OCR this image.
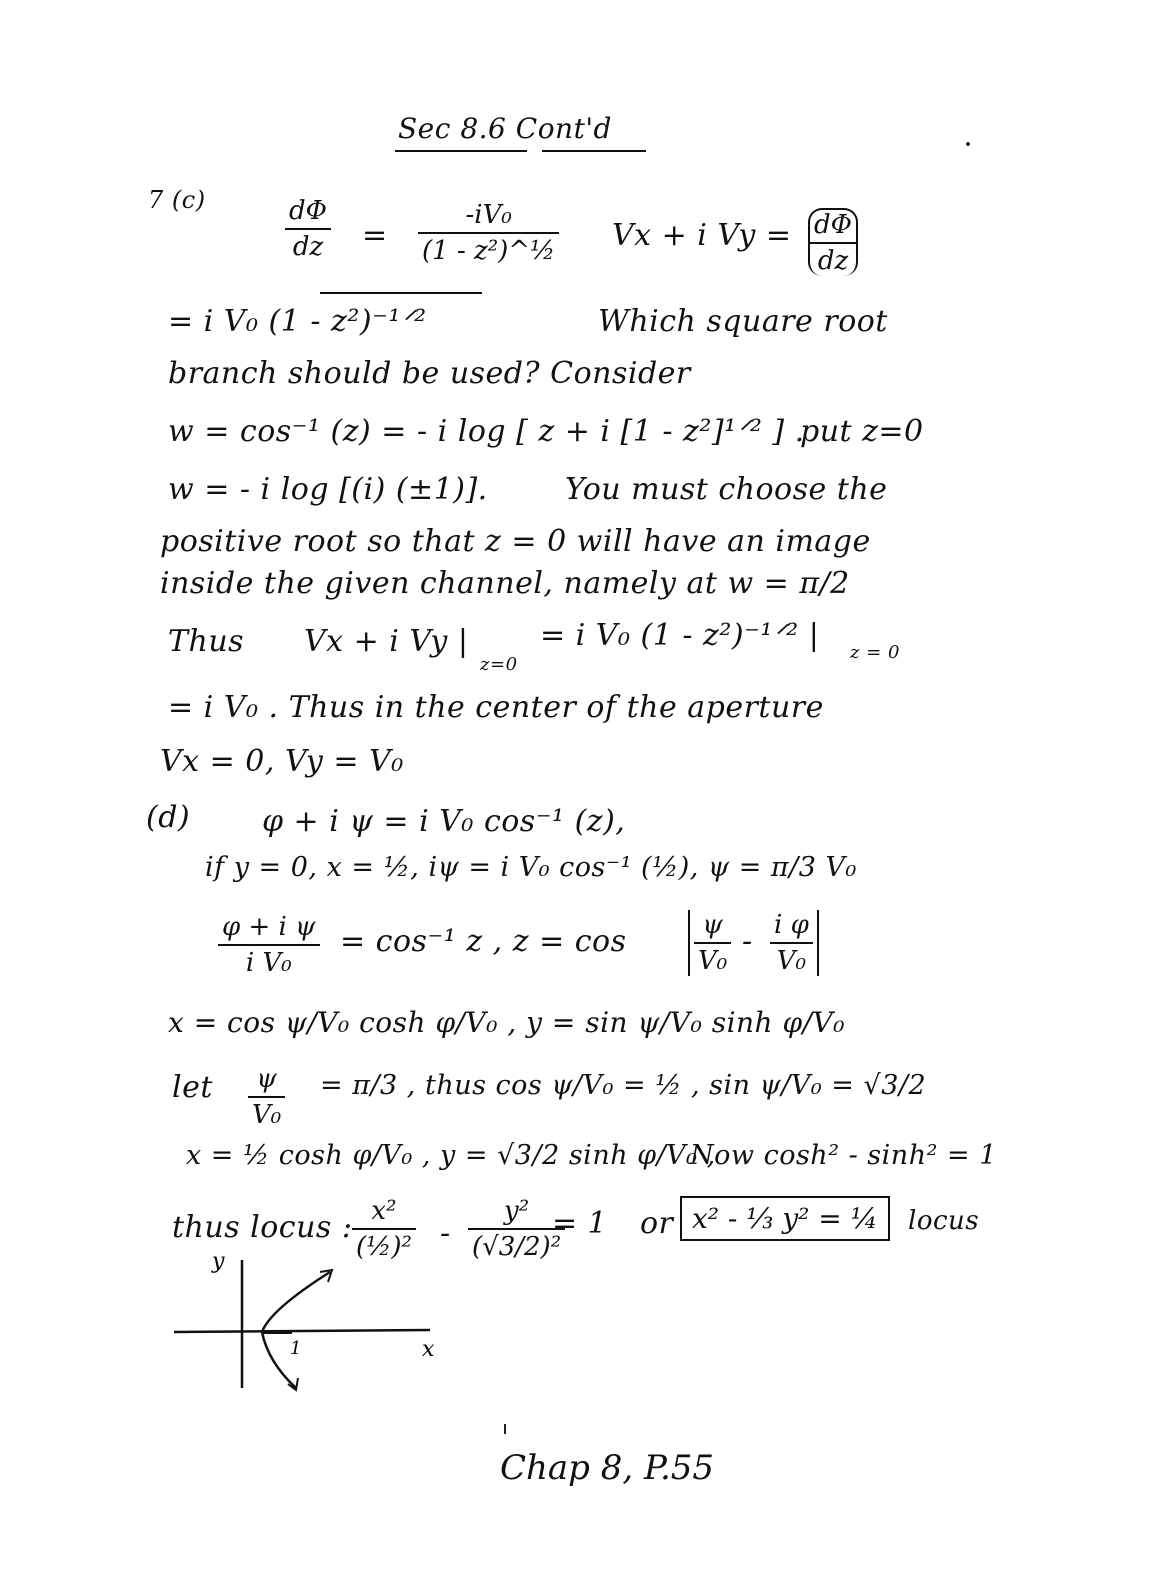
Sec 8.6 Cont'd
7 (c)	dΦ
dz =
-iV₀
(1 - z²)^½ Vx + i Vy = dΦ
dz
= i V₀ (1 - z²)⁻¹ᐟ²	Which square root
branch should be used? Consider
w = cos⁻¹ (z) = - i log [ z + i [1 - z²]¹ᐟ² ] .
put z=0
w = - i log [(i) (±1)].	You must choose the
positive root so that z = 0 will have an image
inside the given channel, namely at w = π/2
Thus Vx + i Vy |
z=0
= i V₀ (1 - z²)⁻¹ᐟ² | z = 0
= i V₀ . Thus in the center of the aperture
Vx = 0, Vy = V₀
(d) φ + i ψ = i V₀ cos⁻¹ (z),
if y = 0, x = ½, iψ = i V₀ cos⁻¹ (½), ψ = π/3 V₀
φ + i ψ
i V₀
= cos⁻¹ z , z = cos	ψ
V₀
- i φ
V₀
x = cos ψ/V₀ cosh φ/V₀ , y = sin ψ/V₀ sinh φ/V₀
let	ψ
V₀
= π/3 , thus cos ψ/V₀ = ½ , sin ψ/V₀ = √3/2
x = ½ cosh φ/V₀ , y = √3/2 sinh φ/V₀ ,
Now cosh² - sinh² = 1
thus locus : x²
(½)² -
y²
(√3/2)²
= 1 or x² - ⅓ y² = ¼	locus
y
x
1
Chap 8, P.55
